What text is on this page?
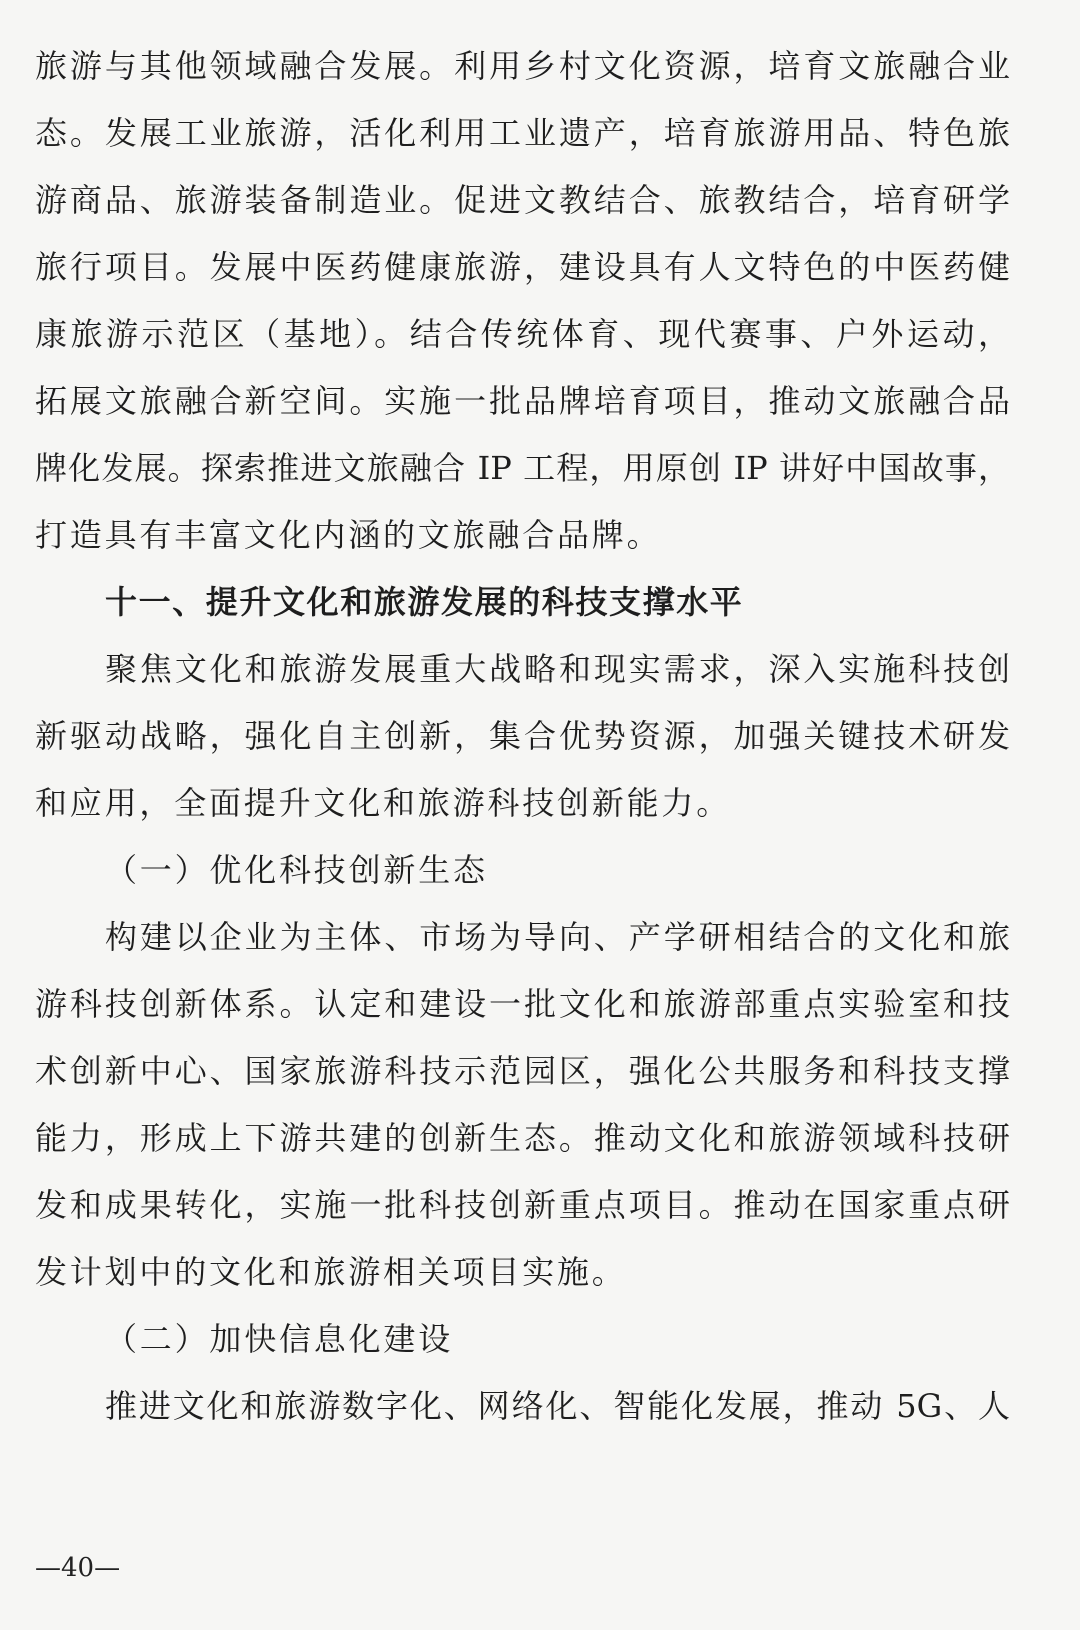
旅游与其他领域融合发展。利用乡村文化资源，培育文旅融合业
态。发展工业旅游，活化利用工业遗产，培育旅游用品、特色旅
游商品、旅游装备制造业。促进文教结合、旅教结合，培育研学
旅行项目。发展中医药健康旅游，建设具有人文特色的中医药健
康旅游示范区（基地）。结合传统体育、现代赛事、户外运动，
拓展文旅融合新空间。实施一批品牌培育项目，推动文旅融合品
牌化发展。探索推进文旅融合 IP 工程，用原创 IP 讲好中国故事，
打造具有丰富文化内涵的文旅融合品牌。
十一、提升文化和旅游发展的科技支撑水平
聚焦文化和旅游发展重大战略和现实需求，深入实施科技创
新驱动战略，强化自主创新，集合优势资源，加强关键技术研发
和应用，全面提升文化和旅游科技创新能力。
（一）优化科技创新生态
构建以企业为主体、市场为导向、产学研相结合的文化和旅
游科技创新体系。认定和建设一批文化和旅游部重点实验室和技
术创新中心、国家旅游科技示范园区，强化公共服务和科技支撑
能力，形成上下游共建的创新生态。推动文化和旅游领域科技研
发和成果转化，实施一批科技创新重点项目。推动在国家重点研
发计划中的文化和旅游相关项目实施。
（二）加快信息化建设
推进文化和旅游数字化、网络化、智能化发展，推动 5G、人
—40—
